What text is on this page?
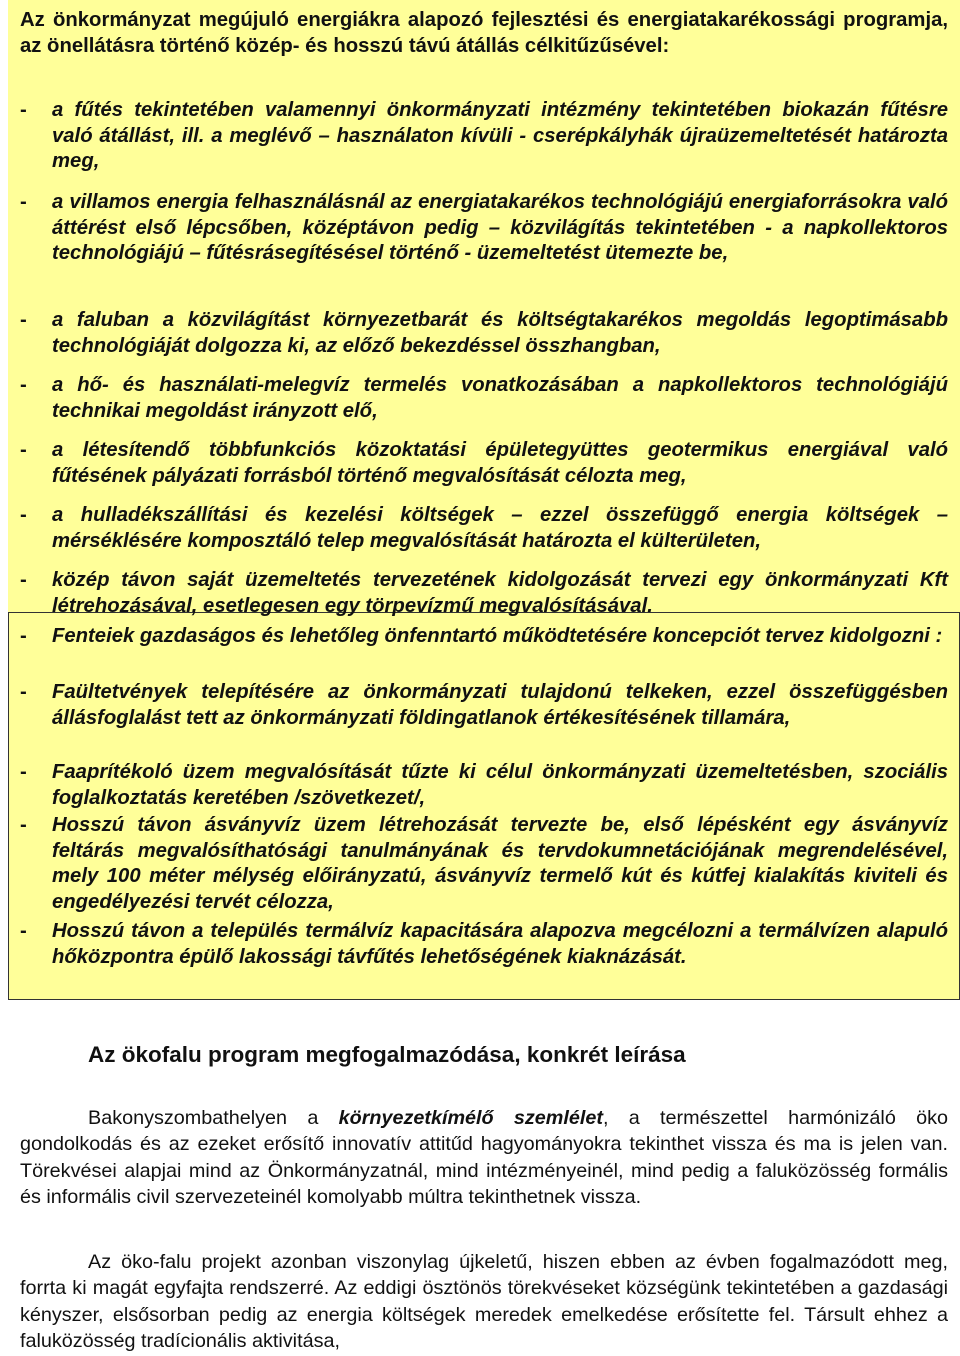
Az önkormányzat megújuló energiákra alapozó fejlesztési és energiatakarékossági programja, az önellátásra történő közép- és hosszú távú átállás célkitűzűsével:
-	a fűtés tekintetében valamennyi önkormányzati intézmény tekintetében biokazán fűtésre való átállást, ill. a meglévő – használaton kívüli - cserépkályhák újraüzemeltetését határozta meg,
-	a villamos energia felhasználásnál az energiatakarékos technológiájú energiaforrásokra való áttérést első lépcsőben, középtávon pedig – közvilágítás tekintetében - a napkollektoros technológiájú – fűtésrásegítésésel történő - üzemeltetést ütemezte be,
-	a faluban a közvilágítást környezetbarát és költségtakarékos megoldás legoptimásabb technológiáját dolgozza ki, az előző bekezdéssel összhangban,
-	a hő- és használati-melegvíz termelés vonatkozásában a napkollektoros technológiájú technikai megoldást irányzott elő,
-	a létesítendő többfunkciós közoktatási épületegyüttes geotermikus energiával való fűtésének pályázati forrásból történő megvalósítását célozta meg,
-	a hulladékszállítási és kezelési költségek – ezzel összefüggő energia költségek – mérséklésére komposztáló telep megvalósítását határozta el külterületen,
-	közép távon saját üzemeltetés tervezetének kidolgozását tervezi egy önkormányzati Kft létrehozásával, esetlegesen egy törpevízmű megvalósításával.
-	Fenteiek gazdaságos és lehetőleg önfenntartó működtetésére koncepciót tervez kidolgozni :
-	Faültetvények telepítésére az önkormányzati tulajdonú telkeken, ezzel összefüggésben állásfoglalást tett az önkormányzati földingatlanok értékesítésének tillamára,
-	Faaprítékoló üzem megvalósítását tűzte ki célul önkormányzati üzemeltetésben, szociális foglalkoztatás keretében /szövetkezet/,
-	Hosszú távon ásványvíz üzem létrehozását tervezte be, első lépésként egy ásványvíz feltárás megvalósíthatósági tanulmányának és tervdokumnetációjának megrendelésével, mely 100 méter mélység előirányzatú, ásványvíz termelő kút és kútfej kialakítás kiviteli és engedélyezési tervét célozza,
-	Hosszú távon a település termálvíz kapacitására alapozva megcélozni a termálvízen alapuló hőközpontra épülő lakossági távfűtés lehetőségének kiaknázását.
Az ökofalu program megfogalmazódása, konkrét leírása
Bakonyszombathelyen a környezetkímélő szemlélet, a természettel harmónizáló öko gondolkodás és az ezeket erősítő innovatív attitűd hagyományokra tekinthet vissza és ma is jelen van. Törekvései alapjai mind az Önkormányzatnál, mind intézményeinél, mind pedig a faluközösség formális és informális civil szervezeteinél komolyabb múltra tekinthetnek vissza.
Az öko-falu projekt azonban viszonylag újkeletű, hiszen ebben az évben fogalmazódott meg, forrta ki magát egyfajta rendszerré. Az eddigi ösztönös törekvéseket községünk tekintetében a gazdasági kényszer, elsősorban pedig az energia költségek meredek emelkedése erősítette fel. Társult ehhez a faluközösség tradícionális aktivitása,
